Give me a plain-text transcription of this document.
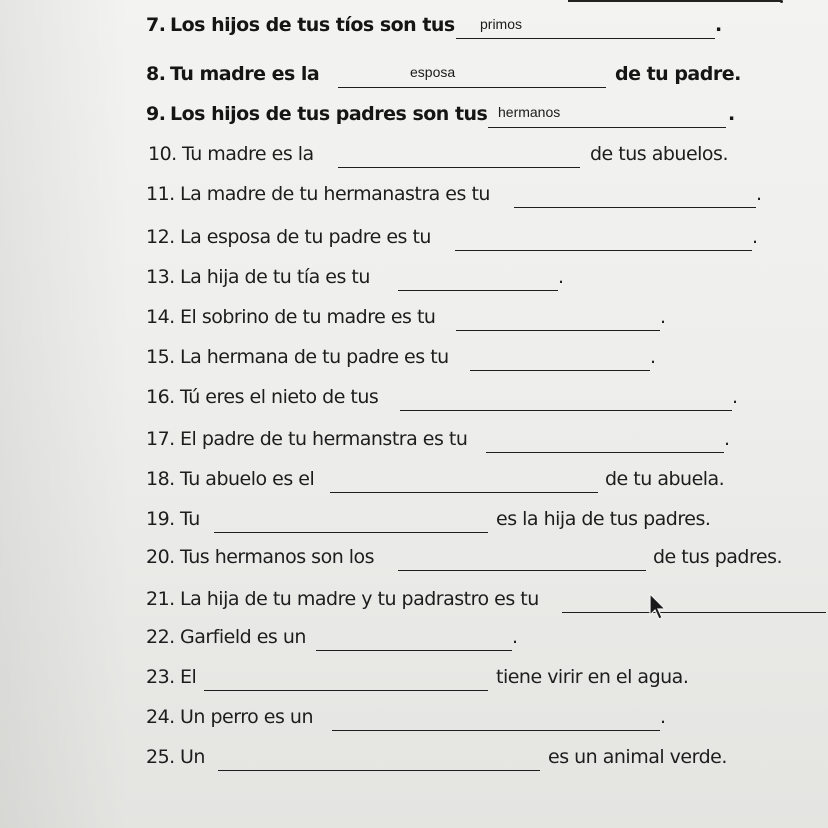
7. Los hijos de tus tíos son tus primos	.
8. Tu madre es la	esposa	de tu padre.
9. Los hijos de tus padres son tus hermanos	.
10. Tu madre es la	de tus abuelos.
11. La madre de tu hermanastra es tu	.
12. La esposa de tu padre es tu	.
13. La hija de tu tía es tu	.
14. El sobrino de tu madre es tu	.
15. La hermana de tu padre es tu	.
16. Tú eres el nieto de tus	.
17. El padre de tu hermanstra es tu	.
18. Tu abuelo es el	de tu abuela.
19. Tu	es la hija de tus padres.
20. Tus hermanos son los	de tus padres.
21. La hija de tu madre y tu padrastro es tu
22. Garfield es un	.
23. El	tiene virir en el agua.
24. Un perro es un	.
25. Un	es un animal verde.
